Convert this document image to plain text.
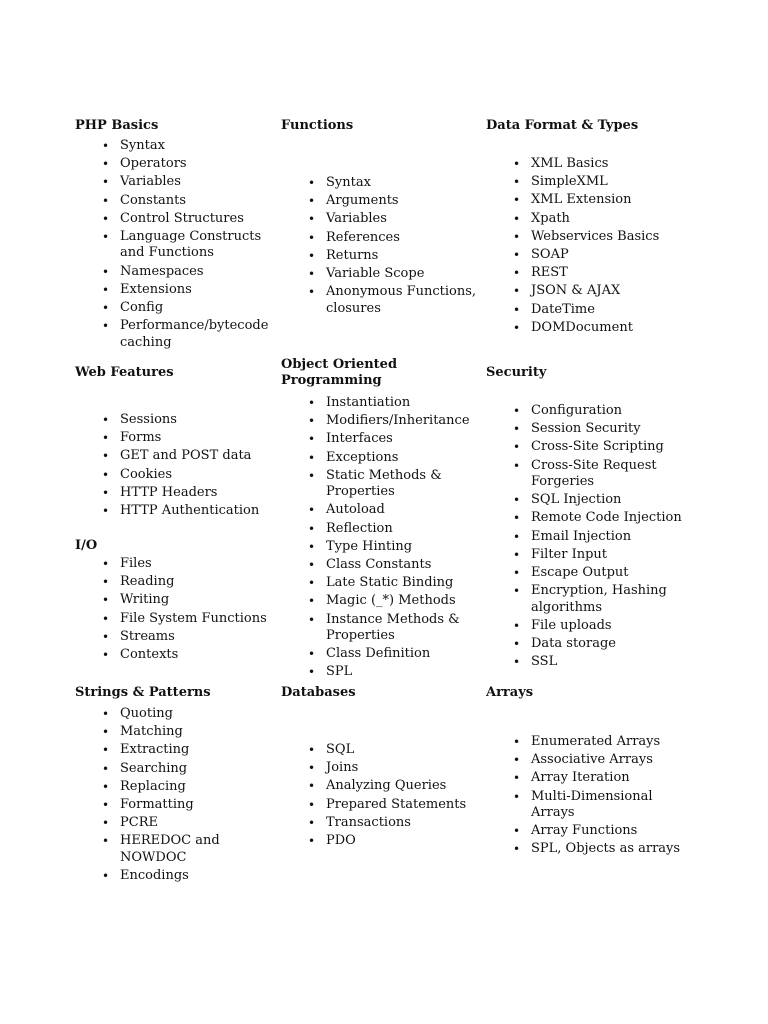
PHP Basics
• Syntax
• Operators
• Variables
• Constants
• Control Structures
• Language Constructs and Functions
• Namespaces
• Extensions
• Config
• Performance/bytecode caching
Web Features
• Sessions
• Forms
• GET and POST data
• Cookies
• HTTP Headers
• HTTP Authentication
I/O
• Files
• Reading
• Writing
• File System Functions
• Streams
• Contexts
Strings & Patterns
• Quoting
• Matching
• Extracting
• Searching
• Replacing
• Formatting
• PCRE
• HEREDOC and NOWDOC
• Encodings
Functions
• Syntax
• Arguments
• Variables
• References
• Returns
• Variable Scope
• Anonymous Functions, closures
Object Oriented Programming
• Instantiation
• Modifiers/Inheritance
• Interfaces
• Exceptions
• Static Methods & Properties
• Autoload
• Reflection
• Type Hinting
• Class Constants
• Late Static Binding
• Magic (_*) Methods
• Instance Methods & Properties
• Class Definition
• SPL
Databases
• SQL
• Joins
• Analyzing Queries
• Prepared Statements
• Transactions
• PDO
Data Format & Types
• XML Basics
• SimpleXML
• XML Extension
• Xpath
• Webservices Basics
• SOAP
• REST
• JSON & AJAX
• DateTime
• DOMDocument
Security
• Configuration
• Session Security
• Cross-Site Scripting
• Cross-Site Request Forgeries
• SQL Injection
• Remote Code Injection
• Email Injection
• Filter Input
• Escape Output
• Encryption, Hashing algorithms
• File uploads
• Data storage
• SSL
Arrays
• Enumerated Arrays
• Associative Arrays
• Array Iteration
• Multi-Dimensional Arrays
• Array Functions
• SPL, Objects as arrays
